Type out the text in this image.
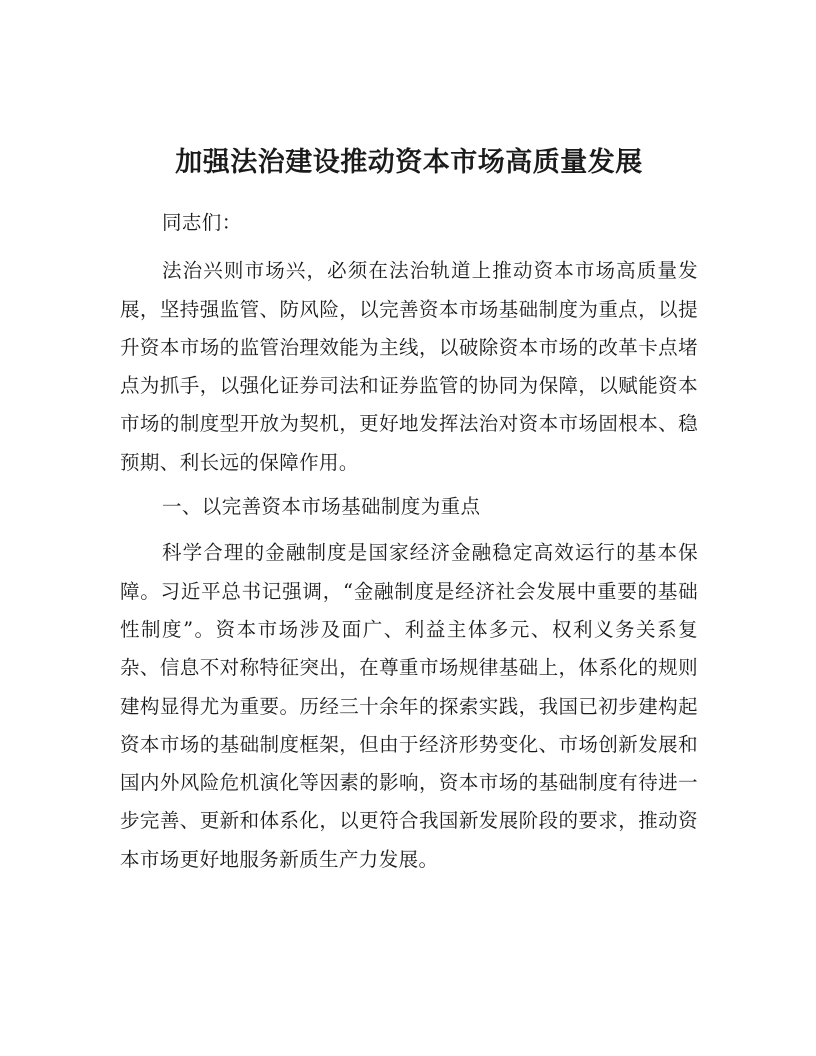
加强法治建设推动资本市场高质量发展

同志们：

法治兴则市场兴，必须在法治轨道上推动资本市场高质量发展，坚持强监管、防风险，以完善资本市场基础制度为重点，以提升资本市场的监管治理效能为主线，以破除资本市场的改革卡点堵点为抓手，以强化证券司法和证券监管的协同为保障，以赋能资本市场的制度型开放为契机，更好地发挥法治对资本市场固根本、稳预期、利长远的保障作用。

一、以完善资本市场基础制度为重点

科学合理的金融制度是国家经济金融稳定高效运行的基本保障。习近平总书记强调，“金融制度是经济社会发展中重要的基础性制度”。资本市场涉及面广、利益主体多元、权利义务关系复杂、信息不对称特征突出，在尊重市场规律基础上，体系化的规则建构显得尤为重要。历经三十余年的探索实践，我国已初步建构起资本市场的基础制度框架，但由于经济形势变化、市场创新发展和国内外风险危机演化等因素的影响，资本市场的基础制度有待进一步完善、更新和体系化，以更符合我国新发展阶段的要求，推动资本市场更好地服务新质生产力发展。
